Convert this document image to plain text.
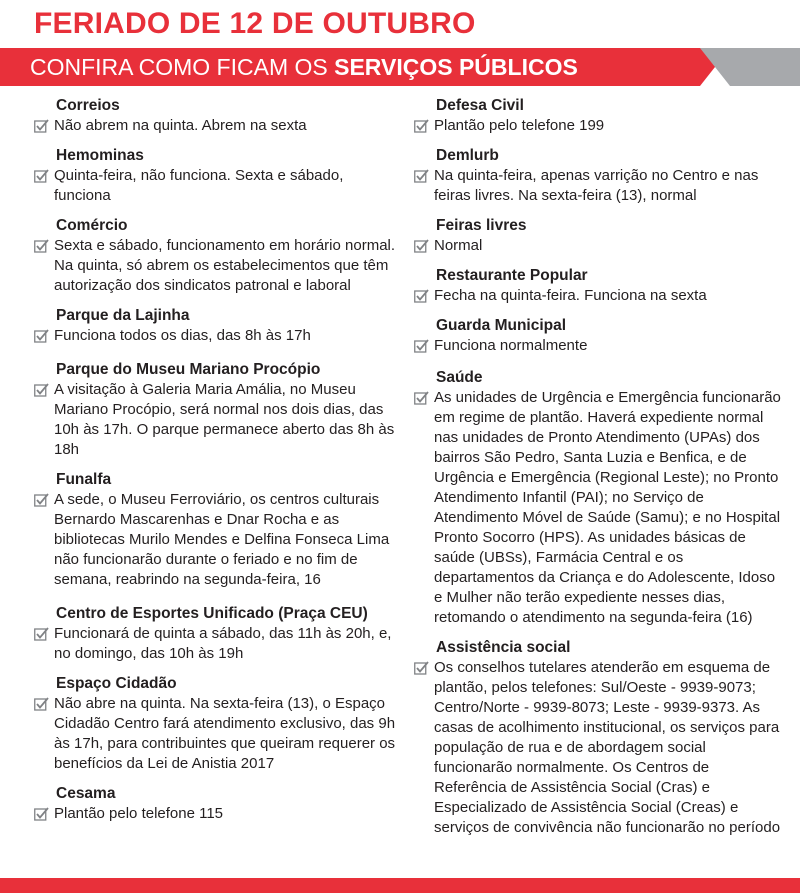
FERIADO DE 12 DE OUTUBRO
CONFIRA COMO FICAM OS SERVIÇOS PÚBLICOS
Correios
Não abrem na quinta. Abrem na sexta
Hemominas
Quinta-feira, não funciona. Sexta e sábado, funciona
Comércio
Sexta e sábado, funcionamento em horário normal. Na quinta, só abrem os estabelecimentos que têm autorização dos sindicatos patronal e laboral
Parque da Lajinha
Funciona todos os dias, das 8h às 17h
Parque do Museu Mariano Procópio
A visitação à Galeria Maria Amália, no Museu Mariano Procópio, será normal nos dois dias, das 10h às 17h. O parque permanece aberto das 8h às 18h
Funalfa
A sede, o Museu Ferroviário, os centros culturais Bernardo Mascarenhas e Dnar Rocha e as bibliotecas Murilo Mendes e Delfina Fonseca Lima não funcionarão durante o feriado e no fim de semana, reabrindo na segunda-feira, 16
Centro de Esportes Unificado (Praça CEU)
Funcionará de quinta a sábado, das 11h às 20h, e, no domingo, das 10h às 19h
Espaço Cidadão
Não abre na quinta. Na sexta-feira (13), o Espaço Cidadão Centro fará atendimento exclusivo, das 9h às 17h, para contribuintes que queiram requerer os benefícios da Lei de Anistia 2017
Cesama
Plantão pelo telefone 115
Defesa Civil
Plantão pelo telefone 199
Demlurb
Na quinta-feira, apenas varrição no Centro e nas feiras livres. Na sexta-feira (13), normal
Feiras livres
Normal
Restaurante Popular
Fecha na quinta-feira. Funciona na sexta
Guarda Municipal
Funciona normalmente
Saúde
As unidades de Urgência e Emergência funcionarão em regime de plantão. Haverá expediente normal nas unidades de Pronto Atendimento (UPAs) dos bairros São Pedro, Santa Luzia e Benfica, e de Urgência e Emergência (Regional Leste); no Pronto Atendimento Infantil (PAI); no Serviço de Atendimento Móvel de Saúde (Samu); e no Hospital Pronto Socorro (HPS). As unidades básicas de saúde (UBSs), Farmácia Central e os departamentos da Criança e do Adolescente, Idoso e Mulher não terão expediente nesses dias, retomando o atendimento na segunda-feira (16)
Assistência social
Os conselhos tutelares atenderão em esquema de plantão, pelos telefones: Sul/Oeste - 9939-9073; Centro/Norte - 9939-8073; Leste - 9939-9373. As casas de acolhimento institucional, os serviços para população de rua e de abordagem social funcionarão normalmente. Os Centros de Referência de Assistência Social (Cras) e Especializado de Assistência Social (Creas) e serviços de convivência não funcionarão no período
